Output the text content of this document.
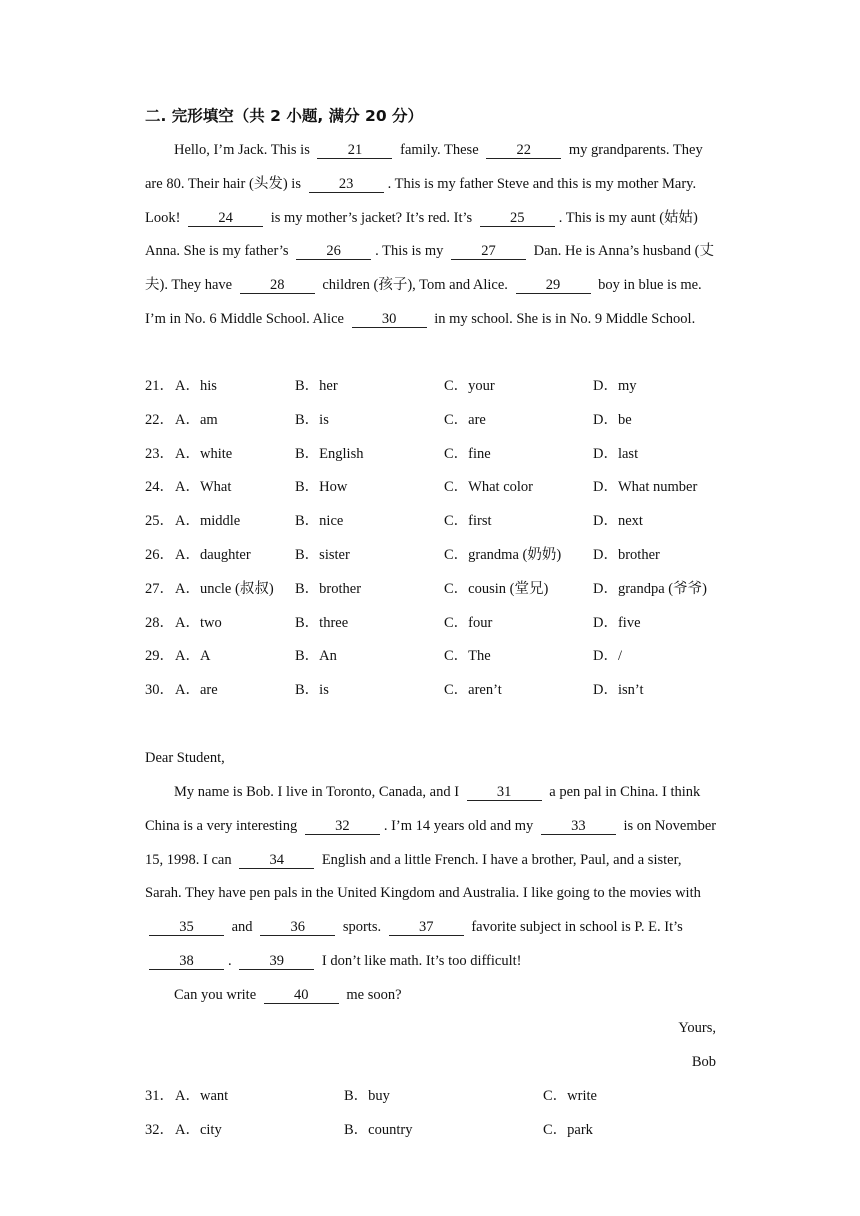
二. 完形填空（共 2 小题, 满分 20 分）
Hello, I’m Jack. This is	21	family. These	22	my grandparents. They are 80. Their hair (头发) is	23 . This is my father Steve and this is my mother Mary. Look!	24	is my mother’s jacket? It’s red. It’s	25 . This is my aunt (姑姑) Anna. She is my father’s	26 . This is my	27	Dan. He is Anna’s husband (丈夫). They have	28	children (孩子), Tom and Alice.	29	boy in blue is me. I’m in No. 6 Middle School. Alice	30	in my school. She is in No. 9 Middle School.
21． A．his	B．her	C．your	D．my
22． A．am	B．is	C．are	D．be
23． A．white	B．English	C．fine	D．last
24． A．What	B．How	C．What color	D．What number
25． A．middle	B．nice	C．first	D．next
26． A．daughter	B．sister	C．grandma (奶奶) D．brother
27． A．uncle (叔叔) B．brother	C．cousin (堂兄)	D．grandpa (爷爷)
28． A．two	B．three	C．four	D．five
29． A．A	B．An	C．The	D．/
30． A．are	B．is	C．aren’t	D．isn’t
Dear Student,
My name is Bob. I live in Toronto, Canada, and I	31	a pen pal in China. I think China is a very interesting	32 . I’m 14 years old and my	33	is on November 15, 1998. I can	34	English and a little French. I have a brother, Paul, and a sister, Sarah. They have pen pals in the United Kingdom and Australia. I like going to the movies with 35	and	36	sports.	37	favorite subject in school is P. E. It’s 38 .	39	I don’t like math. It’s too difficult!
Can you write	40	me soon?
Yours,
Bob
31． A．want	B．buy	C．write
32． A．city	B．country	C．park
